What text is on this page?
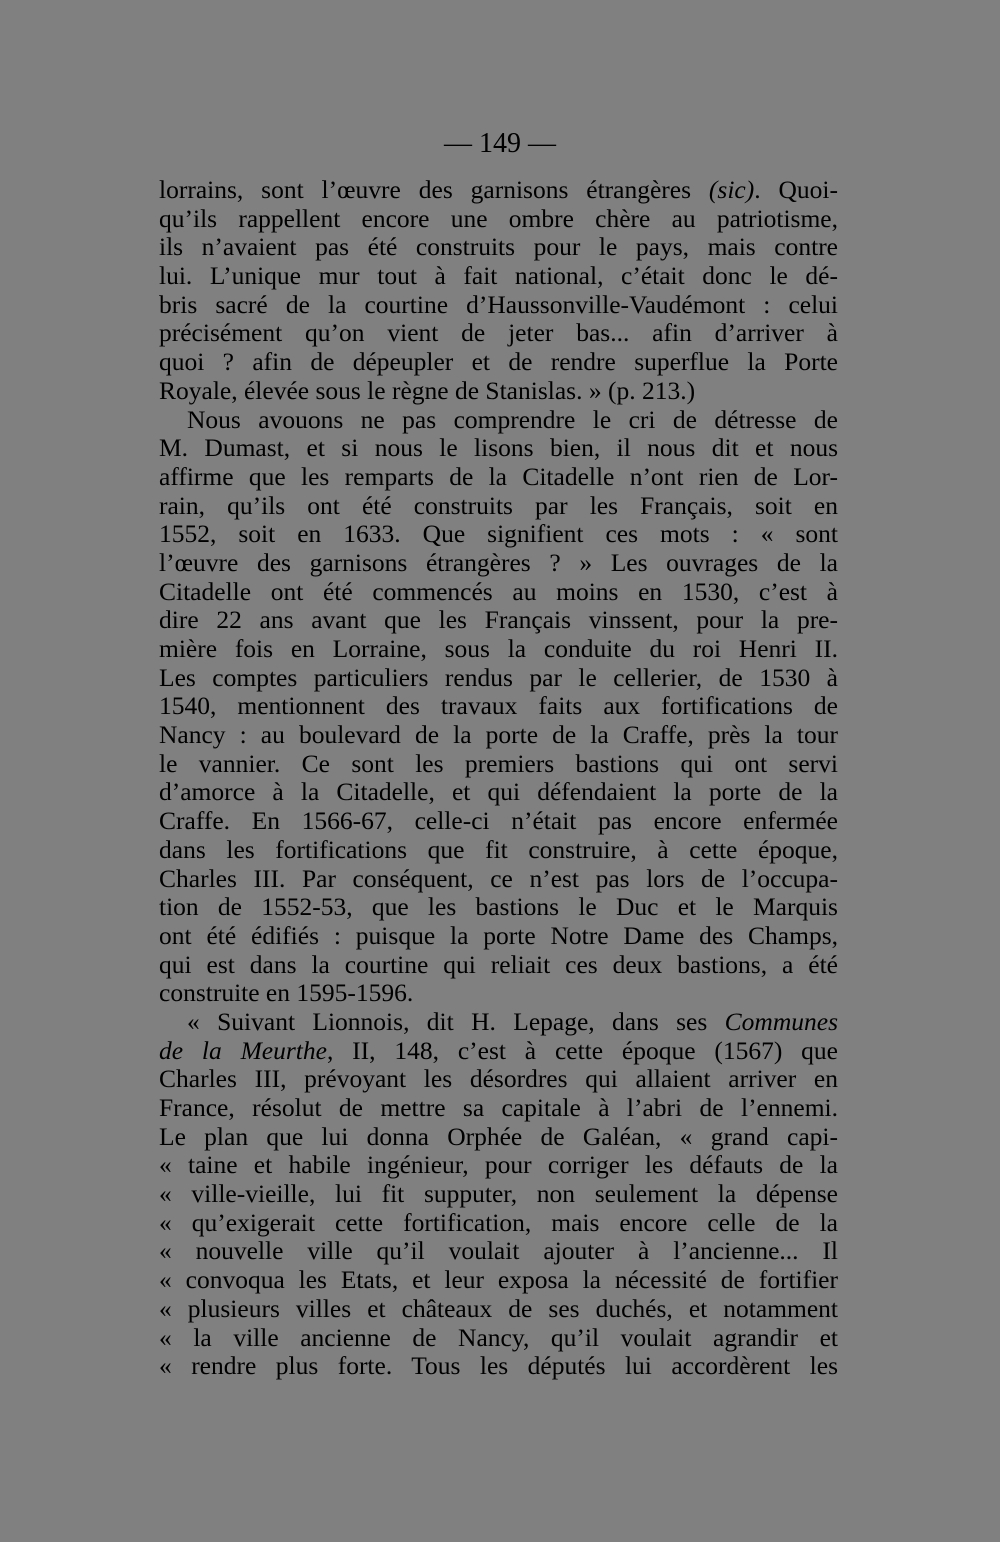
— 149 —
lorrains, sont l’œuvre des garnisons étrangères (sic). Quoi-
qu’ils rappellent encore une ombre chère au patriotisme,
ils n’avaient pas été construits pour le pays, mais contre
lui. L’unique mur tout à fait national, c’était donc le dé-
bris sacré de la courtine d’Haussonville-Vaudémont : celui
précisément qu’on vient de jeter bas... afin d’arriver à
quoi ? afin de dépeupler et de rendre superflue la Porte
Royale, élevée sous le règne de Stanislas. » (p. 213.)
Nous avouons ne pas comprendre le cri de détresse de
M. Dumast, et si nous le lisons bien, il nous dit et nous
affirme que les remparts de la Citadelle n’ont rien de Lor-
rain, qu’ils ont été construits par les Français, soit en
1552, soit en 1633. Que signifient ces mots : « sont
l’œuvre des garnisons étrangères ? » Les ouvrages de la
Citadelle ont été commencés au moins en 1530, c’est à
dire 22 ans avant que les Français vinssent, pour la pre-
mière fois en Lorraine, sous la conduite du roi Henri II.
Les comptes particuliers rendus par le cellerier, de 1530 à
1540, mentionnent des travaux faits aux fortifications de
Nancy : au boulevard de la porte de la Craffe, près la tour
le vannier. Ce sont les premiers bastions qui ont servi
d’amorce à la Citadelle, et qui défendaient la porte de la
Craffe. En 1566-67, celle-ci n’était pas encore enfermée
dans les fortifications que fit construire, à cette époque,
Charles III. Par conséquent, ce n’est pas lors de l’occupa-
tion de 1552-53, que les bastions le Duc et le Marquis
ont été édifiés : puisque la porte Notre Dame des Champs,
qui est dans la courtine qui reliait ces deux bastions, a été
construite en 1595-1596.
« Suivant Lionnois, dit H. Lepage, dans ses Communes
de la Meurthe, II, 148, c’est à cette époque (1567) que
Charles III, prévoyant les désordres qui allaient arriver en
France, résolut de mettre sa capitale à l’abri de l’ennemi.
Le plan que lui donna Orphée de Galéan, « grand capi-
« taine et habile ingénieur, pour corriger les défauts de la
« ville-vieille, lui fit supputer, non seulement la dépense
« qu’exigerait cette fortification, mais encore celle de la
« nouvelle ville qu’il voulait ajouter à l’ancienne... Il
« convoqua les Etats, et leur exposa la nécessité de fortifier
« plusieurs villes et châteaux de ses duchés, et notamment
« la ville ancienne de Nancy, qu’il voulait agrandir et
« rendre plus forte. Tous les députés lui accordèrent les
